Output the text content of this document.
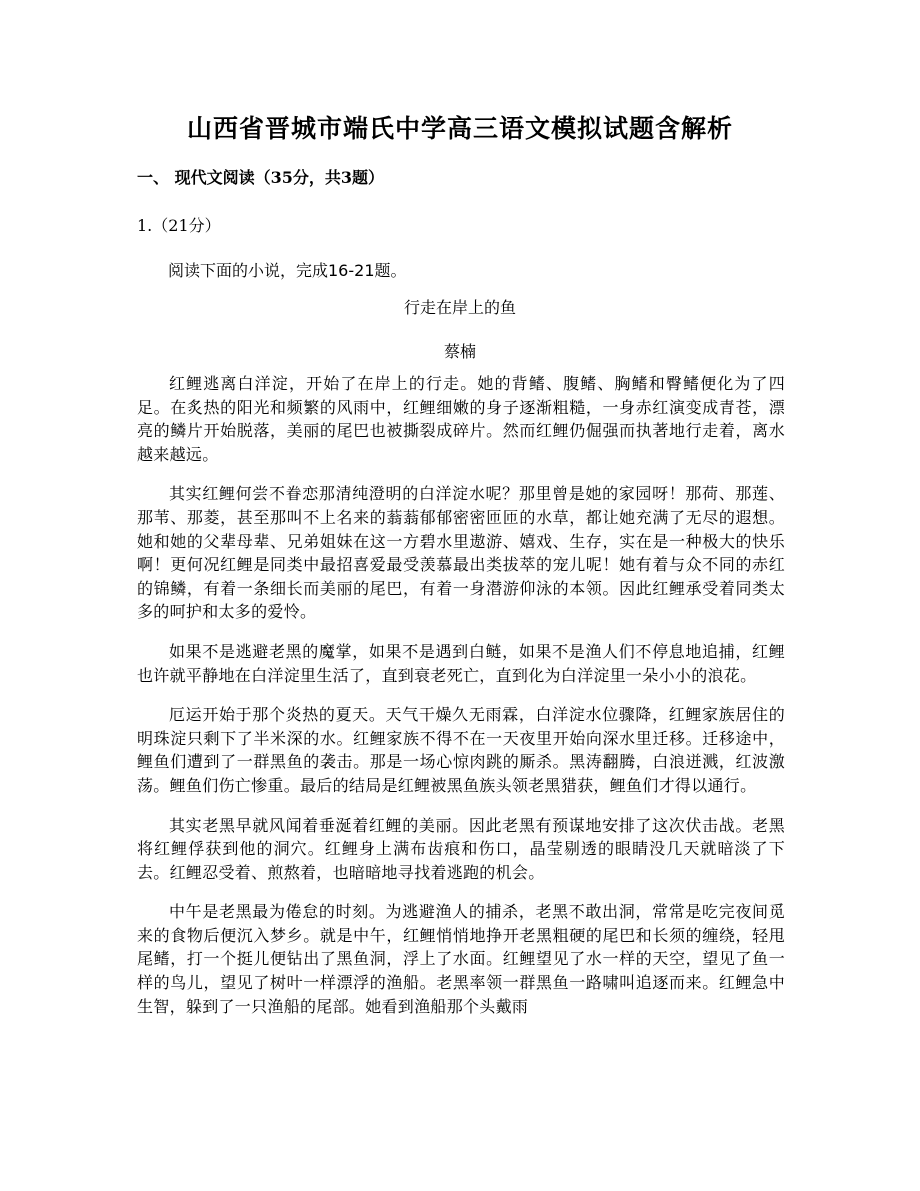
山西省晋城市端氏中学高三语文模拟试题含解析
一、 现代文阅读（35分，共3题）
1.（21分）
阅读下面的小说，完成16-21题。
行走在岸上的鱼
蔡楠

红鲤逃离白洋淀，开始了在岸上的行走。她的背鳍、腹鳍、胸鳍和臀鳍便化为了四足。在炙热的阳光和频繁的风雨中，红鲤细嫩的身子逐渐粗糙，一身赤红演变成青苍，漂亮的鳞片开始脱落，美丽的尾巴也被撕裂成碎片。然而红鲤仍倔强而执著地行走着，离水越来越远。

其实红鲤何尝不眷恋那清纯澄明的白洋淀水呢？那里曾是她的家园呀！那荷、那莲、那苇、那菱，甚至那叫不上名来的蓊蓊郁郁密密匝匝的水草，都让她充满了无尽的遐想。她和她的父辈母辈、兄弟姐妹在这一方碧水里遨游、嬉戏、生存，实在是一种极大的快乐啊！更何况红鲤是同类中最招喜爱最受羡慕最出类拔萃的宠儿呢！她有着与众不同的赤红的锦鳞，有着一条细长而美丽的尾巴，有着一身潜游仰泳的本领。因此红鲤承受着同类太多的呵护和太多的爱怜。

如果不是逃避老黑的魔掌，如果不是遇到白鲢，如果不是渔人们不停息地追捕，红鲤也许就平静地在白洋淀里生活了，直到衰老死亡，直到化为白洋淀里一朵小小的浪花。

厄运开始于那个炎热的夏天。天气干燥久无雨霖，白洋淀水位骤降，红鲤家族居住的明珠淀只剩下了半米深的水。红鲤家族不得不在一天夜里开始向深水里迁移。迁移途中，鲤鱼们遭到了一群黑鱼的袭击。那是一场心惊肉跳的厮杀。黑涛翻腾，白浪迸溅，红波激荡。鲤鱼们伤亡惨重。最后的结局是红鲤被黑鱼族头领老黑猎获，鲤鱼们才得以通行。

其实老黑早就风闻着垂涎着红鲤的美丽。因此老黑有预谋地安排了这次伏击战。老黑将红鲤俘获到他的洞穴。红鲤身上满布齿痕和伤口，晶莹剔透的眼睛没几天就暗淡了下去。红鲤忍受着、煎熬着，也暗暗地寻找着逃跑的机会。

中午是老黑最为倦怠的时刻。为逃避渔人的捕杀，老黑不敢出洞，常常是吃完夜间觅来的食物后便沉入梦乡。就是中午，红鲤悄悄地挣开老黑粗硬的尾巴和长须的缠绕，轻甩尾鳍，打一个挺儿便钻出了黑鱼洞，浮上了水面。红鲤望见了水一样的天空，望见了鱼一样的鸟儿，望见了树叶一样漂浮的渔船。老黑率领一群黑鱼一路啸叫追逐而来。红鲤急中生智，躲到了一只渔船的尾部。她看到渔船那个头戴雨
